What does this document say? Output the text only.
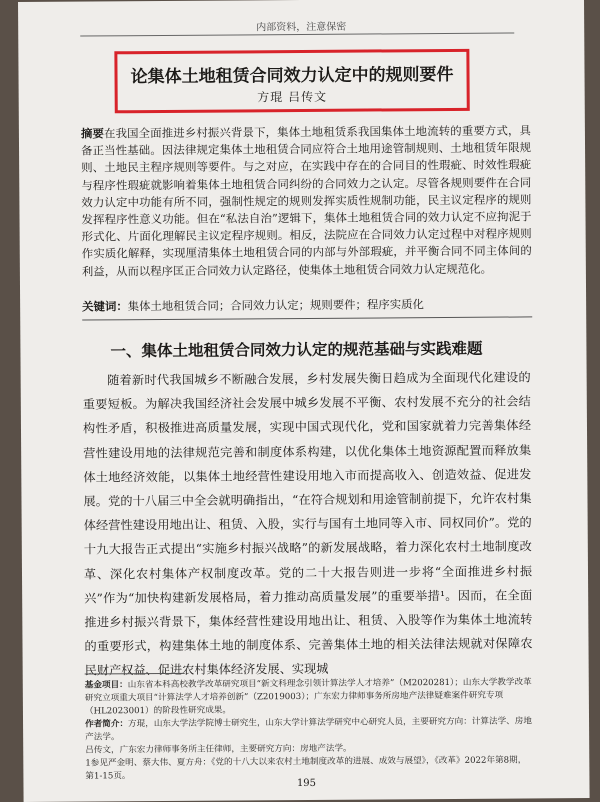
内部资料，注意保密
论集体土地租赁合同效力认定中的规则要件
方琨 吕传文
摘要在我国全面推进乡村振兴背景下，集体土地租赁系我国集体土地流转的重要方式，具备正当性基础。因法律规定集体土地租赁合同应符合土地用途管制规则、土地租赁年限规则、土地民主程序规则等要件。与之对应，在实践中存在的合同目的性瑕疵、时效性瑕疵与程序性瑕疵就影响着集体土地租赁合同纠纷的合同效力之认定。尽管各规则要件在合同效力认定中功能有所不同，强制性规定的规则发挥实质性规制功能，民主议定程序的规则发挥程序性意义功能。但在“私法自治”逻辑下，集体土地租赁合同的效力认定不应拘泥于形式化、片面化理解民主议定程序规则。相反，法院应在合同效力认定过程中对程序规则作实质化解释，实现厘清集体土地租赁合同的内部与外部瑕疵，并平衡合同不同主体间的利益，从而以程序匡正合同效力认定路径，使集体土地租赁合同效力认定规范化。
关键词：集体土地租赁合同；合同效力认定；规则要件；程序实质化
一、集体土地租赁合同效力认定的规范基础与实践难题

随着新时代我国城乡不断融合发展，乡村发展失衡日趋成为全面现代化建设的重要短板。为解决我国经济社会发展中城乡发展不平衡、农村发展不充分的社会结构性矛盾，积极推进高质量发展，实现中国式现代化，党和国家就着力完善集体经营性建设用地的法律规范完善和制度体系构建，以优化集体土地资源配置而释放集体土地经济效能，以集体土地经营性建设用地入市而提高收入、创造效益、促进发展。党的十八届三中全会就明确指出，“在符合规划和用途管制前提下，允许农村集体经营性建设用地出让、租赁、入股，实行与国有土地同等入市、同权同价”。党的十九大报告正式提出“实施乡村振兴战略”的新发展战略，着力深化农村土地制度改革、深化农村集体产权制度改革。党的二十大报告则进一步将“全面推进乡村振兴”作为“加快构建新发展格局，着力推动高质量发展”的重要举措¹。因而，在全面推进乡村振兴背景下，集体经营性建设用地出让、租赁、入股等作为集体土地流转的重要形式，构建集体土地的制度体系、完善集体土地的相关法律法规就对保障农民财产权益、促进农村集体经济发展、实现城

基金项目：山东省本科高校教学改革研究项目“新文科理念引领计算法学人才培养”（M2020281）；山东大学教学改革研究立项重大项目“计算法学人才培养创新”（Z2019003）；广东宏力律师事务所房地产法律疑难案件研究专项（HL2023001）的阶段性研究成果。
作者简介：方琨，山东大学法学院博士研究生，山东大学计算法学研究中心研究人员，主要研究方向：计算法学、房地产法学。
吕传文，广东宏力律师事务所主任律师，主要研究方向：房地产法学。
1参见严金明、蔡大伟、夏方舟：《党的十八大以来农村土地制度改革的进展、成效与展望》，《改革》2022年第8期，第1-15页。
195
